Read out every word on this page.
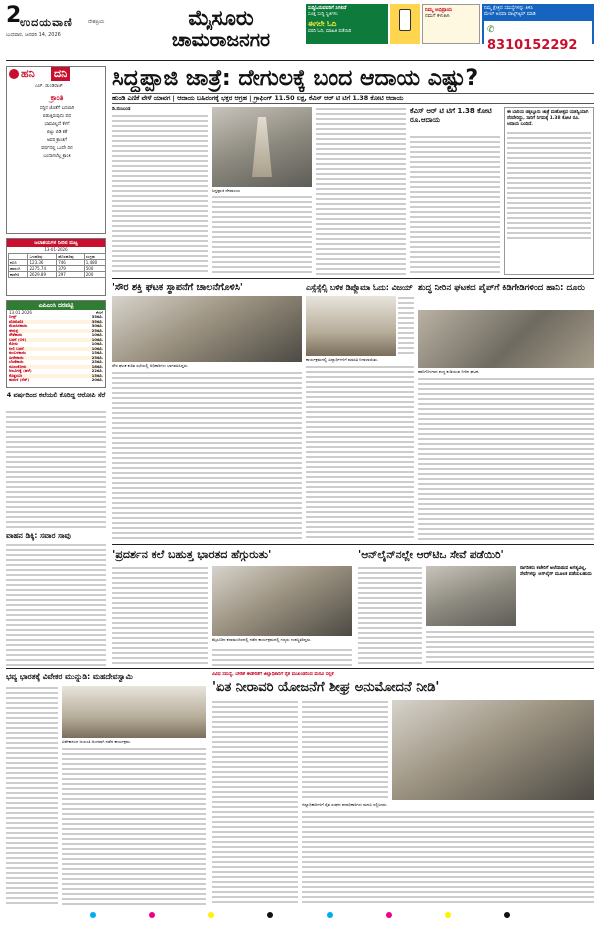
2
ಉದಯವಾಣಿ	ದೇಶಪ್ರಿಯ
ಬುಧವಾರ, ಜನವರಿ 14, 2026
ಮೈಸೂರು
ಚಾಮರಾಜನಗರ
ಸುದ್ದಿಓದುವವರಿಗೆ ಸಿಗಲಿದೆ
ಸೂಕ್ತ ಸುದ್ದಿ ಸ್ಥಿತಿಗಳು
ಈಗಲೇ ಓದಿ
ವರದಿ ಓದಿ, ಮಾಹಿತಿ ಪಡೆಯಿರಿ
ನಿಮ್ಮ ಅಭಿಪ್ರಾಯ
ನಮಗೆ ಕಳುಹಿಸಿ
ನಿಮ್ಮ ಕ್ಷೇತ್ರದ ಸಮಸ್ಯೆಗಳನ್ನು ತಿಳಿಸಿ
ಮೇಲ್ ಅಥವಾ ವಾಟ್ಸ್‌ಆ್ಯಪ್ ಮಾಡಿ
✆ 8310152292
ಹನಿ ದನಿ
ಎಚ್. ಡುಂಡಿರಾಜ್
ಕ್ರಾಂತಿ
ಸದ್ದಿನ ಜೊತೆಗೆ ಬದಲಾಗಿ
ಬಿಡುತ್ತಿರುವುದು ಪಥ
ಭಾವವಿಲ್ಲದೆ ಕೆಳಗೆ
ಬಿಟ್ಟು ಬಿಡಿ ಕತೆ
ಅವರ ಕ್ರಾಂತಿಗೆ
ವರ್ಷದಲ್ಲಿ ಒಂದೇ ದಿನ
ಬಂದಾಗಲೆಲ್ಲ ಕ್ರಾಂತಿ
ಜಲಾಶಯಗಳ ನೀರಿನ ಮಟ್ಟ
13-01-2026
	ಒಳಹರಿವು	ಹೊರಹರಿವು	ಸಂಗ್ರಹ
ಕಬಿನಿ	123.36	746	1,480
ಹಾರಂಗಿ	2275.74	379	500
ಕಾವೇರಿ	2629.89	297	200
ಎಪಿಎಂಸಿ ದರಪಟ್ಟಿ
13.01.2026	ಕೆಜಿಗೆ
ಬೀನ್ಸ್	35ರೂ.
ಟೊಮೆಟೊ	35ರೂ.
ಮೆಣಸಿನಕಾಯಿ	30ರೂ.
ಈರುಳ್ಳಿ	25ರೂ.
ಸೌತೆಕಾಯಿ	10ರೂ.
ಬದನೆ (ಬಿಳಿ)	10ರೂ.
ಕೋಸು	10ರೂ.
ನೀಲಿ ಬದನೆ	10ರೂ.
ಕುಂಬಳಕಾಯಿ	15ರೂ.
ಹೀರೇಕಾಯಿ	25ರೂ.
ಬೆಂಡೆಕಾಯಿ	25ರೂ.
ನವಿಲುಕೋಸು	18ರೂ.
ಆಲೂಗಡ್ಡೆ (ಹಳೆ)	22ರೂ.
ಕೊತ್ತಂಬರಿ	15ರೂ.
ಹುರುಳಿ (ರೆಡ್)	20ರೂ.
4 ವರ್ಷದಿಂದ ಕಲೆಯಲಿ ಕೊರಿದ್ದ ಆರೋಪಿ ಸೆರೆ
ವಾಹನ ಡಿಕ್ಕಿ: ಸವಾರ ಸಾವು
ಸಿದ್ದಪ್ಪಾಜಿ ಜಾತ್ರೆ: ದೇಗುಲಕ್ಕೆ ಬಂದ ಆದಾಯ ಎಷ್ಟು?
ಹುಂಡಿ ಎಣಿಕೆ ವೇಳೆ ಯಾವಗ | ಆದಾಯ ಬಹಿರಂಗಕ್ಕೆ ಭಕ್ತರ ಆಗ್ರಹ | ಗ್ರಾಫಿಂಗ್ 11.50 ಲಕ್ಷ, ಕೆವಿಸ್ ಆರ್ ಟಿ ಟಿಗೆ 1.38 ಕೋಟಿ ಆದಾಯ
ಡಿ.ನಂಜುಂಡ
ಸಿದ್ದಪ್ಪಾಜಿ ದೇವಾಲಯ
ಕೆವಿಸ್ ಆರ್ ಟಿ ಟಿಗೆ 1.38 ಕೋಟಿ ರೂ.ಆದಾಯ
ಈ ಬಾರಿಯ ಚಿಕ್ಕಲ್ಲೂರು ಜಾತ್ರೆ ಮಹೋತ್ಸವ ಯಶಸ್ವಿಯಾಗಿ ನೆರವೇರಿದ್ದು, ಸಾರಿಗೆ ನಿಗಮಕ್ಕೆ 1.38 ಕೋಟಿ ರೂ. ಆದಾಯ ಬಂದಿದೆ.
'ಸೌರ ಶಕ್ತಿ ಘಟಕ ಸ್ಥಾಪನೆಗೆ ಚಾಲನೆಗೊಳಿಸಿ'
ಸೌರ ಘಟಕ ಕುರಿತ ಸಭೆಯಲ್ಲಿ ಅಧಿಕಾರಿಗಳು ಭಾಗವಹಿಸಿದ್ದರು.
ಎಸ್ಸೆಸ್ಸೆಲ್ಸಿ ಬಳಿಕ ಡಿಪ್ಲೊಮಾ ಓದು: ವಿಜಯ್
ಕಾರ್ಯಕ್ರಮದಲ್ಲಿ ವಿದ್ಯಾರ್ಥಿಗಳಿಗೆ ಮಾಹಿತಿ ನೀಡಲಾಯಿತು.
ಶುದ್ಧ ನೀರಿನ ಘಟಕದ ಪೈಪ್‌ಗೆ ಕಿಡಿಗೇಡಿಗಳಿಂದ ಹಾನಿ: ದೂರು
ಹಾನಿಗೊಳಗಾದ ಶುದ್ಧ ಕುಡಿಯುವ ನೀರಿನ ಘಟಕ.
'ಪ್ರದರ್ಶನ ಕಲೆ ಬಹುತ್ತ ಭಾರತದ ಹೆಗ್ಗುರುತು'
ಮೈಸೂರಿನ ಕಲಾಮಂದಿರದಲ್ಲಿ ನಡೆದ ಕಾರ್ಯಕ್ರಮದಲ್ಲಿ ಗಣ್ಯರು ಉಪಸ್ಥಿತರಿದ್ದರು.
'ಆನ್‌ಲೈನ್‌ನಲ್ಲೇ ಆರ್‌ಟಿಒ ಸೇವೆ ಪಡೆಯಿರಿ'
ನಾಗರಿಕರು ಕಚೇರಿಗೆ ಅಲೆದಾಡುವ ಅಗತ್ಯವಿಲ್ಲ, ಸೇವೆಗಳನ್ನು ಆನ್‌ಲೈನ್ ಮೂಲಕ ಪಡೆಯಬಹುದು
ಭವ್ಯ ಭಾರತಕ್ಕೆ ವಿವೇಕರ ಮುನ್ನುಡಿ: ಮಹದೇವಸ್ವಾಮಿ
ವಿವೇಕಾನಂದ ಜಯಂತಿ ಅಂಗವಾಗಿ ನಡೆದ ಕಾರ್ಯಕ್ರಮ.
ವಿವಿಧ ಸಮಸ್ಯೆ, ಬೇಡಿಕೆ ಈಡೇರಿಕೆಗೆ ಜಿಲ್ಲಾಧಿಕಾರಿಗೆ ರೈತ ಮುಖಂಡರಿಂದ ಮನವಿ ಸಲ್ಲಿಕೆ
'ಏತ ನೀರಾವರಿ ಯೋಜನೆಗೆ ಶೀಘ್ರ ಅನುಮೋದನೆ ನೀಡಿ'
ಜಿಲ್ಲಾಧಿಕಾರಿಗಳಿಗೆ ರೈತ ಸಂಘದ ಪದಾಧಿಕಾರಿಗಳು ಮನವಿ ಸಲ್ಲಿಸಿದರು.
